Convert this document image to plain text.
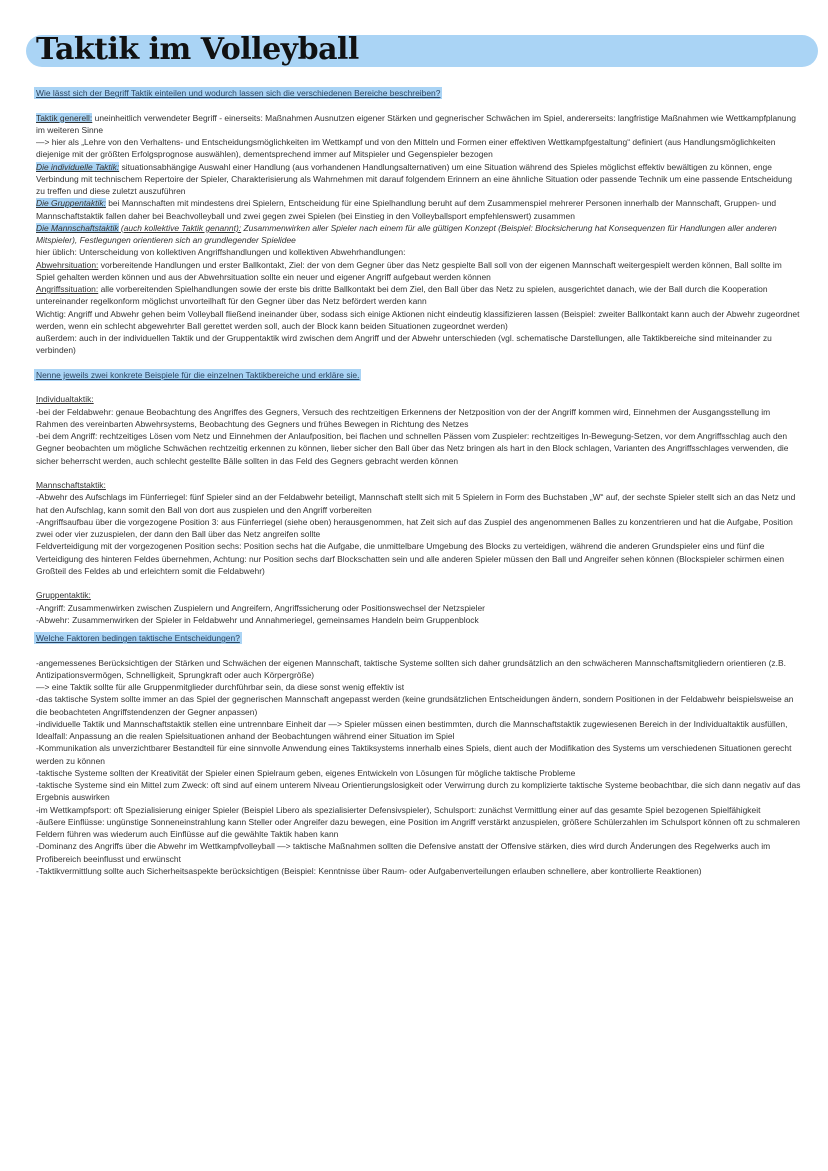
Taktik im Volleyball

Wie lässt sich der Begriff Taktik einteilen und wodurch lassen sich die verschiedenen Bereiche beschreiben?

Taktik generell: uneinheitlich verwendeter Begriff - einerseits: Maßnahmen Ausnutzen eigener Stärken und gegnerischer Schwächen im Spiel, andererseits: langfristige Maßnahmen wie Wettkampfplanung im weiteren Sinne

—> hier als „Lehre von den Verhaltens- und Entscheidungsmöglichkeiten im Wettkampf und von den Mitteln und Formen einer effektiven Wettkampfgestaltung“ definiert (aus Handlungsmöglichkeiten diejenige mit der größten Erfolgsprognose auswählen), dementsprechend immer auf Mitspieler und Gegenspieler bezogen

Die individuelle Taktik: situationsabhängige Auswahl einer Handlung (aus vorhandenen Handlungsalternativen) um eine Situation während des Spieles möglichst effektiv bewältigen zu können, enge Verbindung mit technischem Repertoire der Spieler, Charakterisierung als Wahrnehmen mit darauf folgendem Erinnern an eine ähnliche Situation oder passende Technik um eine passende Entscheidung zu treffen und diese zuletzt auszuführen

Die Gruppentaktik: bei Mannschaften mit mindestens drei Spielern, Entscheidung für eine Spielhandlung beruht auf dem Zusammenspiel mehrerer Personen innerhalb der Mannschaft, Gruppen- und Mannschaftstaktik fallen daher bei Beachvolleyball und zwei gegen zwei Spielen (bei Einstieg in den Volleyballsport empfehlenswert) zusammen

Die Mannschaftstaktik (auch kollektive Taktik genannt): Zusammenwirken aller Spieler nach einem für alle gültigen Konzept (Beispiel: Blocksicherung hat Konsequenzen für Handlungen aller anderen Mitspieler), Festlegungen orientieren sich an grundlegender Spielidee

hier üblich: Unterscheidung von kollektiven Angriffshandlungen und kollektiven Abwehrhandlungen:

Abwehrsituation: vorbereitende Handlungen und erster Ballkontakt, Ziel: der von dem Gegner über das Netz gespielte Ball soll von der eigenen Mannschaft weitergespielt werden können, Ball sollte im Spiel gehalten werden können und aus der Abwehrsituation sollte ein neuer und eigener Angriff aufgebaut werden können

Angriffssituation: alle vorbereitenden Spielhandlungen sowie der erste bis dritte Ballkontakt bei dem Ziel, den Ball über das Netz zu spielen, ausgerichtet danach, wie der Ball durch die Kooperation untereinander regelkonform möglichst unvorteilhaft für den Gegner über das Netz befördert werden kann

Wichtig: Angriff und Abwehr gehen beim Volleyball fließend ineinander über, sodass sich einige Aktionen nicht eindeutig klassifizieren lassen (Beispiel: zweiter Ballkontakt kann auch der Abwehr zugeordnet werden, wenn ein schlecht abgewehrter Ball gerettet werden soll, auch der Block kann beiden Situationen zugeordnet werden)

außerdem: auch in der individuellen Taktik und der Gruppentaktik wird zwischen dem Angriff und der Abwehr unterschieden (vgl. schematische Darstellungen, alle Taktikbereiche sind miteinander zu verbinden)

Nenne jeweils zwei konkrete Beispiele für die einzelnen Taktikbereiche und erkläre sie.

Individualtaktik:

-bei der Feldabwehr: genaue Beobachtung des Angriffes des Gegners, Versuch des rechtzeitigen Erkennens der Netzposition von der der Angriff kommen wird, Einnehmen der Ausgangsstellung im Rahmen des vereinbarten Abwehrsystems, Beobachtung des Gegners und frühes Bewegen in Richtung des Netzes

-bei dem Angriff: rechtzeitiges Lösen vom Netz und Einnehmen der Anlaufposition, bei flachen und schnellen Pässen vom Zuspieler: rechtzeitiges In-Bewegung-Setzen, vor dem Angriffsschlag auch den Gegner beobachten um mögliche Schwächen rechtzeitig erkennen zu können, lieber sicher den Ball über das Netz bringen als hart in den Block schlagen, Varianten des Angriffsschlages verwenden, die sicher beherrscht werden, auch schlecht gestellte Bälle sollten in das Feld des Gegners gebracht werden können

Mannschaftstaktik:

-Abwehr des Aufschlags im Fünferriegel: fünf Spieler sind an der Feldabwehr beteiligt, Mannschaft stellt sich mit 5 Spielern in Form des Buchstaben „W“ auf, der sechste Spieler stellt sich an das Netz und hat den Aufschlag, kann somit den Ball von dort aus zuspielen und den Angriff vorbereiten

-Angriffsaufbau über die vorgezogene Position 3: aus Fünferriegel (siehe oben) herausgenommen, hat Zeit sich auf das Zuspiel des angenommenen Balles zu konzentrieren und hat die Aufgabe, Position zwei oder vier zuzuspielen, der dann den Ball über das Netz angreifen sollte

Feldverteidigung mit der vorgezogenen Position sechs: Position sechs hat die Aufgabe, die unmittelbare Umgebung des Blocks zu verteidigen, während die anderen Grundspieler eins und fünf die Verteidigung des hinteren Feldes übernehmen, Achtung: nur Position sechs darf Blockschatten sein und alle anderen Spieler müssen den Ball und Angreifer sehen können (Blockspieler schirmen einen Großteil des Feldes ab und erleichtern somit die Feldabwehr)

Gruppentaktik:

-Angriff: Zusammenwirken zwischen Zuspielern und Angreifern, Angriffssicherung oder Positionswechsel der Netzspieler

-Abwehr: Zusammenwirken der Spieler in Feldabwehr und Annahmeriegel, gemeinsames Handeln beim Gruppenblock

Welche Faktoren bedingen taktische Entscheidungen?

-angemessenes Berücksichtigen der Stärken und Schwächen der eigenen Mannschaft, taktische Systeme sollten sich daher grundsätzlich an den schwächeren Mannschaftsmitgliedern orientieren (z.B. Antizipationsvermögen, Schnelligkeit, Sprungkraft oder auch Körpergröße)

—> eine Taktik sollte für alle Gruppenmitglieder durchführbar sein, da diese sonst wenig effektiv ist

-das taktische System sollte immer an das Spiel der gegnerischen Mannschaft angepasst werden (keine grundsätzlichen Entscheidungen ändern, sondern Positionen in der Feldabwehr beispielsweise an die beobachteten Angriffstendenzen der Gegner anpassen)

-individuelle Taktik und Mannschaftstaktik stellen eine untrennbare Einheit dar —> Spieler müssen einen bestimmten, durch die Mannschaftstaktik zugewiesenen Bereich in der Individualtaktik ausfüllen, Idealfall: Anpassung an die realen Spielsituationen anhand der Beobachtungen während einer Situation im Spiel

-Kommunikation als unverzichtbarer Bestandteil für eine sinnvolle Anwendung eines Taktiksystems innerhalb eines Spiels, dient auch der Modifikation des Systems um verschiedenen Situationen gerecht werden zu können

-taktische Systeme sollten der Kreativität der Spieler einen Spielraum geben, eigenes Entwickeln von Lösungen für mögliche taktische Probleme

-taktische Systeme sind ein Mittel zum Zweck: oft sind auf einem unterem Niveau Orientierungslosigkeit oder Verwirrung durch zu komplizierte taktische Systeme beobachtbar, die sich dann negativ auf das Ergebnis auswirken

-im Wettkampfsport: oft Spezialisierung einiger Spieler (Beispiel Libero als spezialisierter Defensivspieler), Schulsport: zunächst Vermittlung einer auf das gesamte Spiel bezogenen Spielfähigkeit

-äußere Einflüsse: ungünstige Sonneneinstrahlung kann Steller oder Angreifer dazu bewegen, eine Position im Angriff verstärkt anzuspielen, größere Schülerzahlen im Schulsport können oft zu schmaleren Feldern führen was wiederum auch Einflüsse auf die gewählte Taktik haben kann

-Dominanz des Angriffs über die Abwehr im Wettkampfvolleyball —> taktische Maßnahmen sollten die Defensive anstatt der Offensive stärken, dies wird durch Änderungen des Regelwerks auch im Profibereich beeinflusst und erwünscht

-Taktikvermittlung sollte auch Sicherheitsaspekte berücksichtigen (Beispiel: Kenntnisse über Raum- oder Aufgabenverteilungen erlauben schnellere, aber kontrollierte Reaktionen)
